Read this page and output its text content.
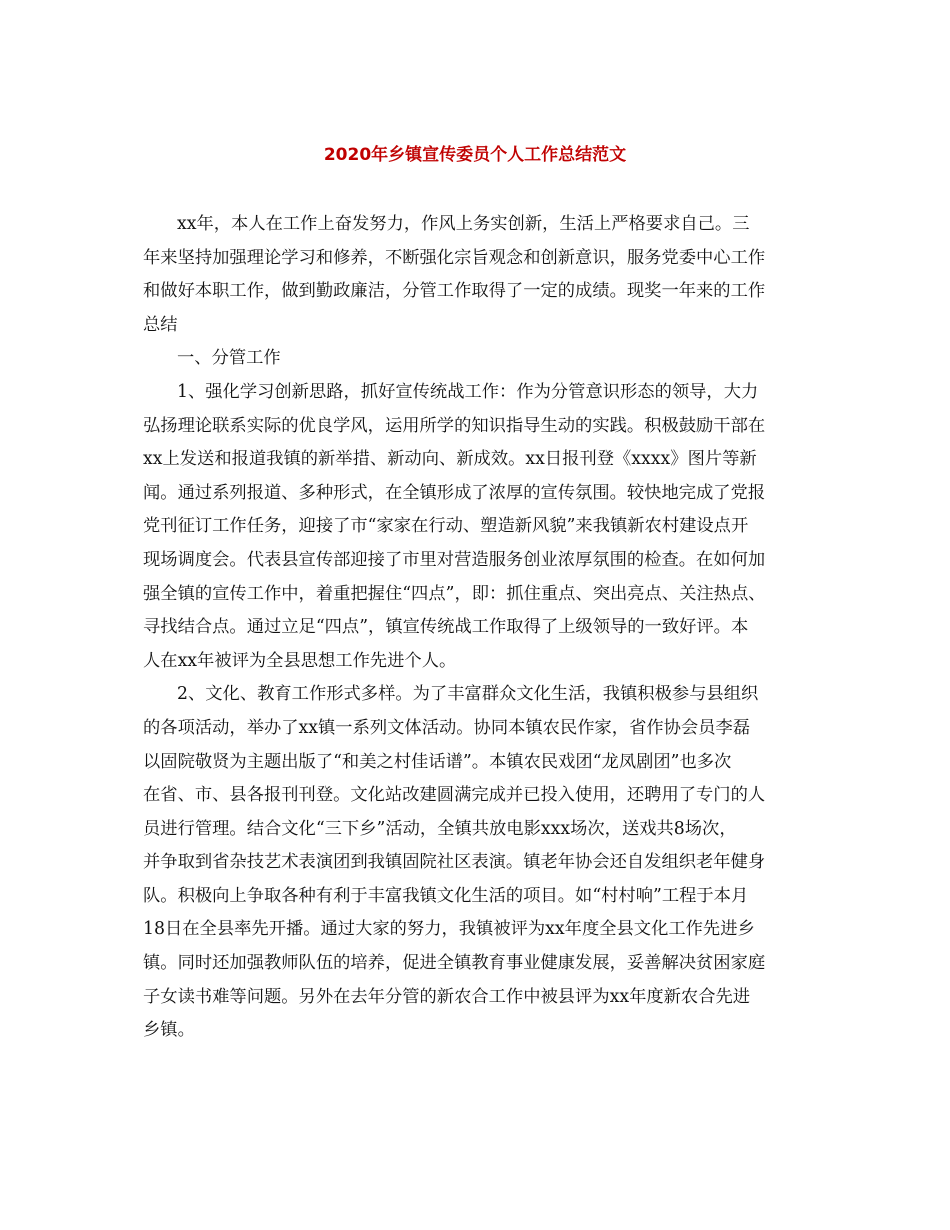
2020年乡镇宣传委员个人工作总结范文
xx年，本人在工作上奋发努力，作风上务实创新，生活上严格要求自己。三
年来坚持加强理论学习和修养，不断强化宗旨观念和创新意识，服务党委中心工作
和做好本职工作，做到勤政廉洁，分管工作取得了一定的成绩。现奖一年来的工作
总结
一、分管工作
1、强化学习创新思路，抓好宣传统战工作：作为分管意识形态的领导，大力
弘扬理论联系实际的优良学风，运用所学的知识指导生动的实践。积极鼓励干部在
xx上发送和报道我镇的新举措、新动向、新成效。xx日报刊登《xxxx》图片等新
闻。通过系列报道、多种形式，在全镇形成了浓厚的宣传氛围。较快地完成了党报
党刊征订工作任务，迎接了市“家家在行动、塑造新风貌”来我镇新农村建设点开
现场调度会。代表县宣传部迎接了市里对营造服务创业浓厚氛围的检查。在如何加
强全镇的宣传工作中，着重把握住“四点”，即：抓住重点、突出亮点、关注热点、
寻找结合点。通过立足“四点”，镇宣传统战工作取得了上级领导的一致好评。本
人在xx年被评为全县思想工作先进个人。
2、文化、教育工作形式多样。为了丰富群众文化生活，我镇积极参与县组织
的各项活动，举办了xx镇一系列文体活动。协同本镇农民作家，省作协会员李磊
以固院敬贤为主题出版了“和美之村佳话谱”。本镇农民戏团“龙凤剧团”也多次
在省、市、县各报刊刊登。文化站改建圆满完成并已投入使用，还聘用了专门的人
员进行管理。结合文化“三下乡”活动，全镇共放电影xxx场次，送戏共8场次，
并争取到省杂技艺术表演团到我镇固院社区表演。镇老年协会还自发组织老年健身
队。积极向上争取各种有利于丰富我镇文化生活的项目。如“村村响”工程于本月
18日在全县率先开播。通过大家的努力，我镇被评为xx年度全县文化工作先进乡
镇。同时还加强教师队伍的培养，促进全镇教育事业健康发展，妥善解决贫困家庭
子女读书难等问题。另外在去年分管的新农合工作中被县评为xx年度新农合先进
乡镇。
